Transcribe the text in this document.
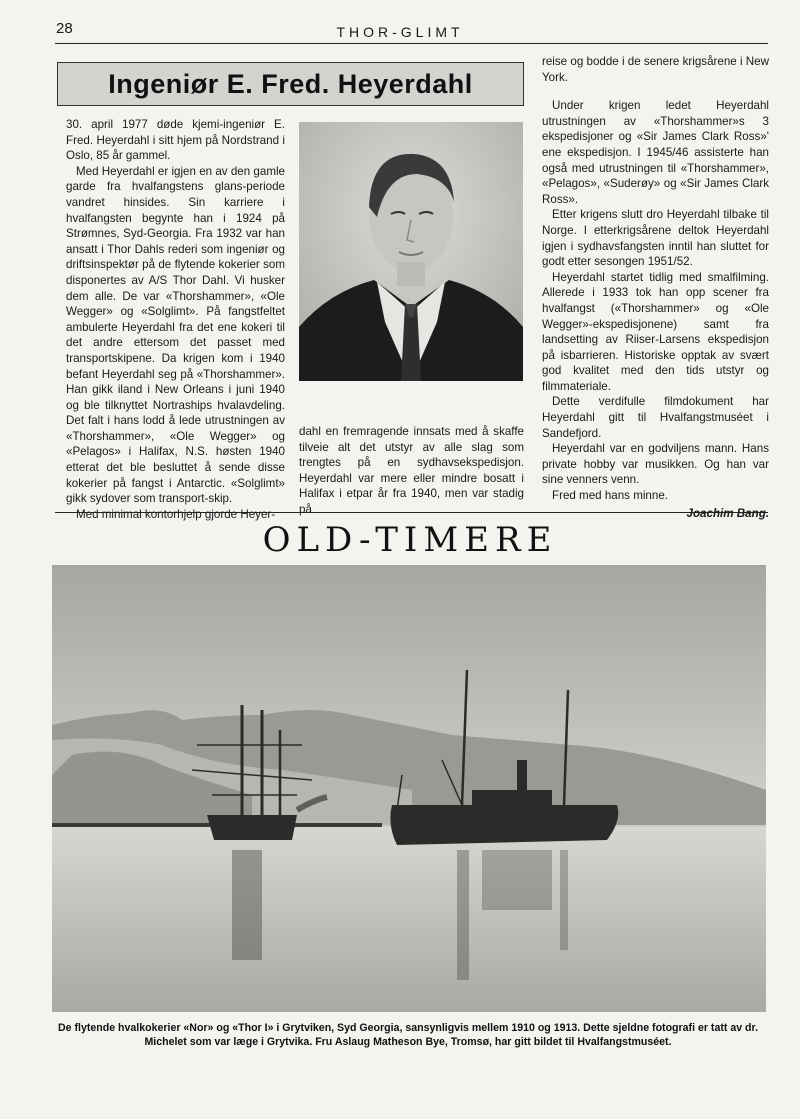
28	THOR-GLIMT
Ingeniør E. Fred. Heyerdahl

30. april 1977 døde kjemi-ingeniør E. Fred. Heyerdahl i sitt hjem på Nordstrand i Oslo, 85 år gammel.

Med Heyerdahl er igjen en av den gamle garde fra hvalfangstens glans-periode vandret hinsides. Sin karriere i hvalfangsten begynte han i 1924 på Strømnes, Syd-Georgia. Fra 1932 var han ansatt i Thor Dahls rederi som ingeniør og driftsinspektør på de flytende kokerier som disponertes av A/S Thor Dahl. Vi husker dem alle. De var «Thorshammer», «Ole Wegger» og «Solglimt». På fangstfeltet ambulerte Heyerdahl fra det ene kokeri til det andre ettersom det passet med transportskipene. Da krigen kom i 1940 befant Heyerdahl seg på «Thorshammer». Han gikk iland i New Orleans i juni 1940 og ble tilknyttet Nortraships hvalavdeling. Det falt i hans lodd å lede utrustningen av «Thorshammer», «Ole Wegger» og «Pelagos» i Halifax, N.S. høsten 1940 etterat det ble besluttet å sende disse kokerier på fangst i Antarctic. «Solglimt» gikk sydover som transport-skip.

Med minimal kontorhjelp gjorde Heyer-

dahl en fremragende innsats med å skaffe tilveie alt det utstyr av alle slag som trengtes på en sydhavsekspedisjon. Heyerdahl var mere eller mindre bosatt i Halifax i etpar år fra 1940, men var stadig på

reise og bodde i de senere krigsårene i New York.

Under krigen ledet Heyerdahl utrustningen av «Thorshammer»s 3 ekspedisjoner og «Sir James Clark Ross»' ene ekspedisjon. I 1945/46 assisterte han også med utrustningen til «Thorshammer», «Pelagos», «Suderøy» og «Sir James Clark Ross».

Etter krigens slutt dro Heyerdahl tilbake til Norge. I etterkrigsårene deltok Heyerdahl igjen i sydhavsfangsten inntil han sluttet for godt etter sesongen 1951/52.

Heyerdahl startet tidlig med smalfilming. Allerede i 1933 tok han opp scener fra hvalfangst («Thorshammer» og «Ole Wegger»-ekspedisjonene) samt fra landsetting av Riiser-Larsens ekspedisjon på isbarrieren. Historiske opptak av svært god kvalitet med den tids utstyr og filmmateriale.

Dette verdifulle filmdokument har Heyerdahl gitt til Hvalfangstmuséet i Sandefjord.

Heyerdahl var en godviljens mann. Hans private hobby var musikken. Og han var sine venners venn.

Fred med hans minne.

Joachim Bang.
OLD-TIMERE
De flytende hvalkokerier «Nor» og «Thor I» i Grytviken, Syd Georgia, sansynligvis mellem 1910 og 1913. Dette sjeldne fotografi er tatt av dr. Michelet som var læge i Grytvika. Fru Aslaug Matheson Bye, Tromsø, har gitt bildet til Hvalfangstmuséet.
